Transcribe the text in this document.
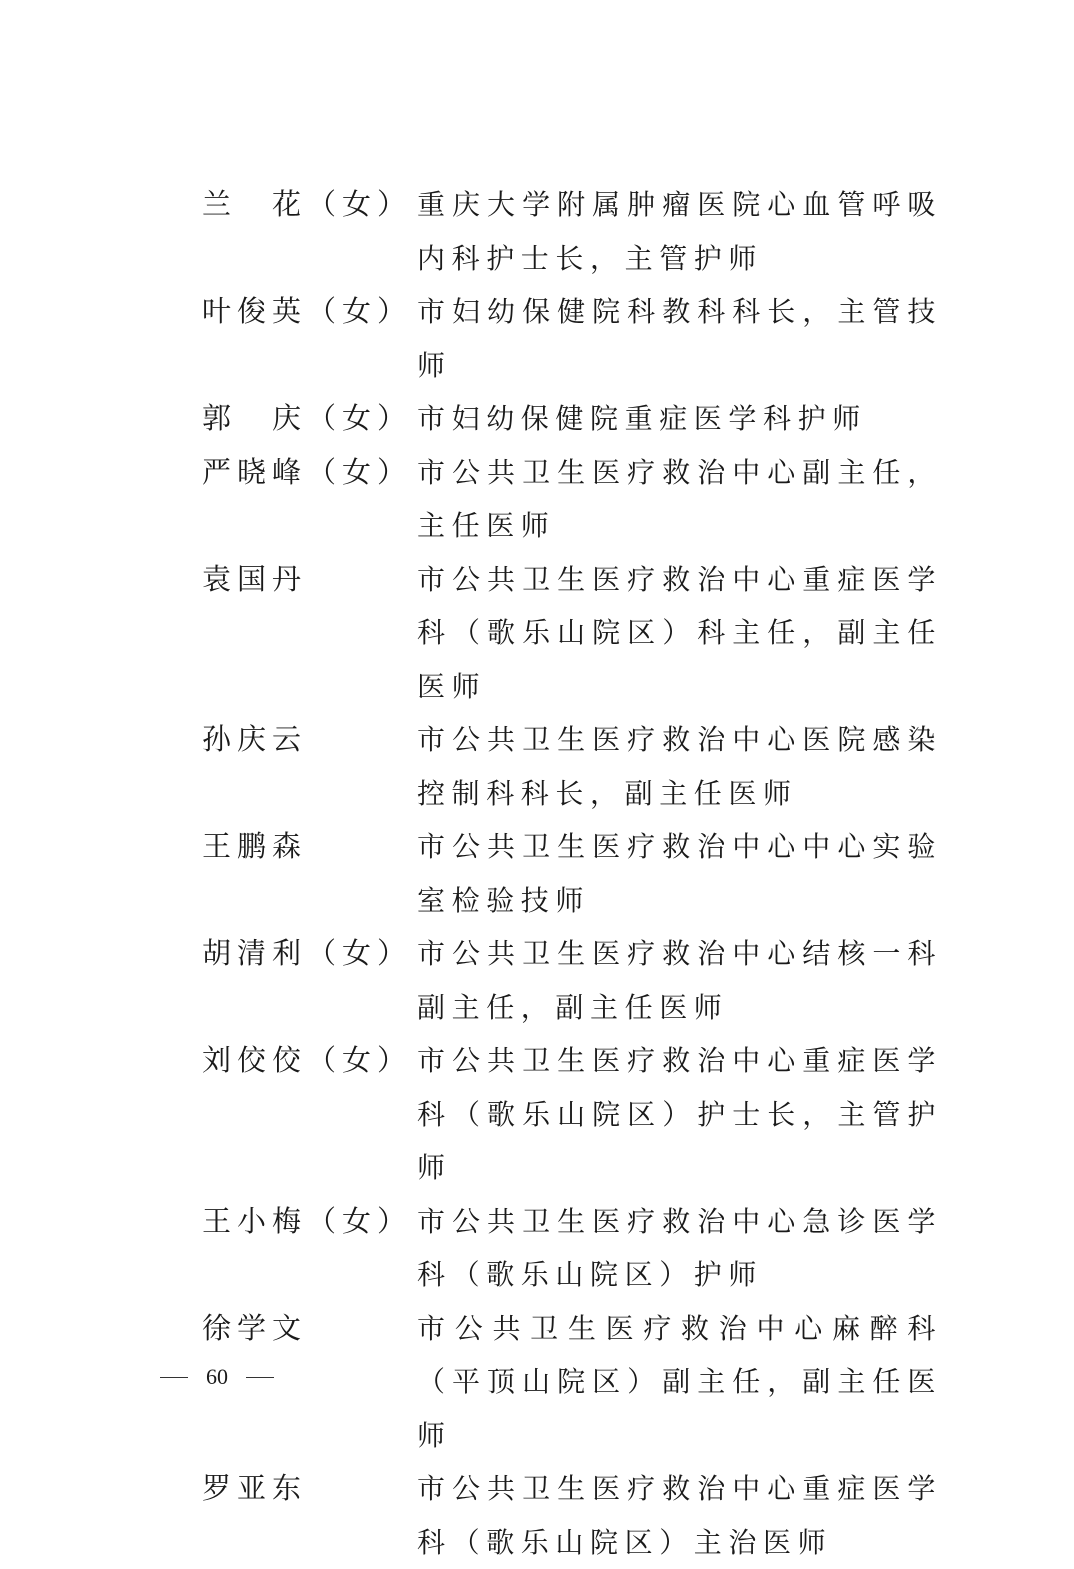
兰　花（女） 重庆大学附属肿瘤医院心血管呼吸内科护士长，主管护师
叶俊英（女） 市妇幼保健院科教科科长，主管技师
郭　庆（女） 市妇幼保健院重症医学科护师
严晓峰（女） 市公共卫生医疗救治中心副主任，主任医师
袁国丹	市公共卫生医疗救治中心重症医学科（歌乐山院区）科主任，副主任医师
孙庆云	市公共卫生医疗救治中心医院感染控制科科长，副主任医师
王鹏森	市公共卫生医疗救治中心中心实验室检验技师
胡清利（女） 市公共卫生医疗救治中心结核一科副主任，副主任医师
刘佼佼（女） 市公共卫生医疗救治中心重症医学科（歌乐山院区）护士长，主管护师
王小梅（女） 市公共卫生医疗救治中心急诊医学科（歌乐山院区）护师
徐学文	市公共卫生医疗救治中心麻醉科（平顶山院区）副主任，副主任医师
罗亚东	市公共卫生医疗救治中心重症医学科（歌乐山院区）主治医师
60
